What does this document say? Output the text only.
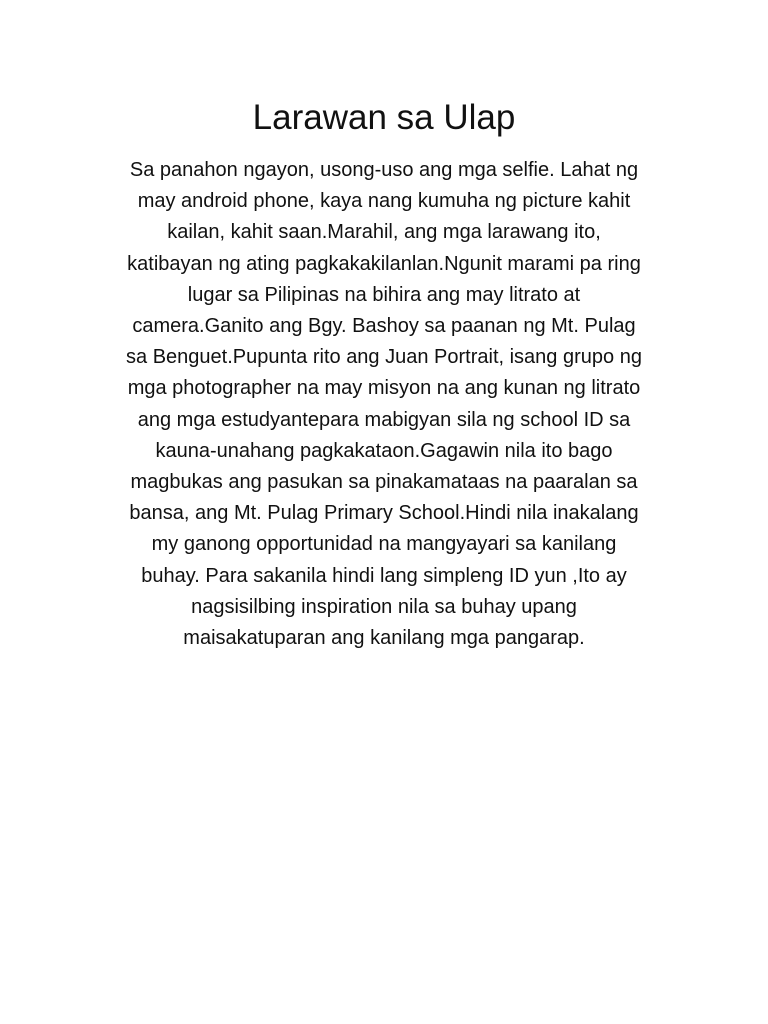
Larawan sa Ulap

Sa panahon ngayon, usong-uso ang mga selfie. Lahat ng
may android phone, kaya nang kumuha ng picture kahit
kailan, kahit saan.Marahil, ang mga larawang ito,
katibayan ng ating pagkakakilanlan.Ngunit marami pa ring
lugar sa Pilipinas na bihira ang may litrato at
camera.Ganito ang Bgy. Bashoy sa paanan ng Mt. Pulag
sa Benguet.Pupunta rito ang Juan Portrait, isang grupo ng
mga photographer na may misyon na ang kunan ng litrato
ang mga estudyantepara mabigyan sila ng school ID sa
kauna-unahang pagkakataon.Gagawin nila ito bago
magbukas ang pasukan sa pinakamataas na paaralan sa
bansa, ang Mt. Pulag Primary School.Hindi nila inakalang
my ganong opportunidad na mangyayari sa kanilang
buhay. Para sakanila hindi lang simpleng ID yun ,Ito ay
nagsisilbing inspiration nila sa buhay upang
maisakatuparan ang kanilang mga pangarap.
